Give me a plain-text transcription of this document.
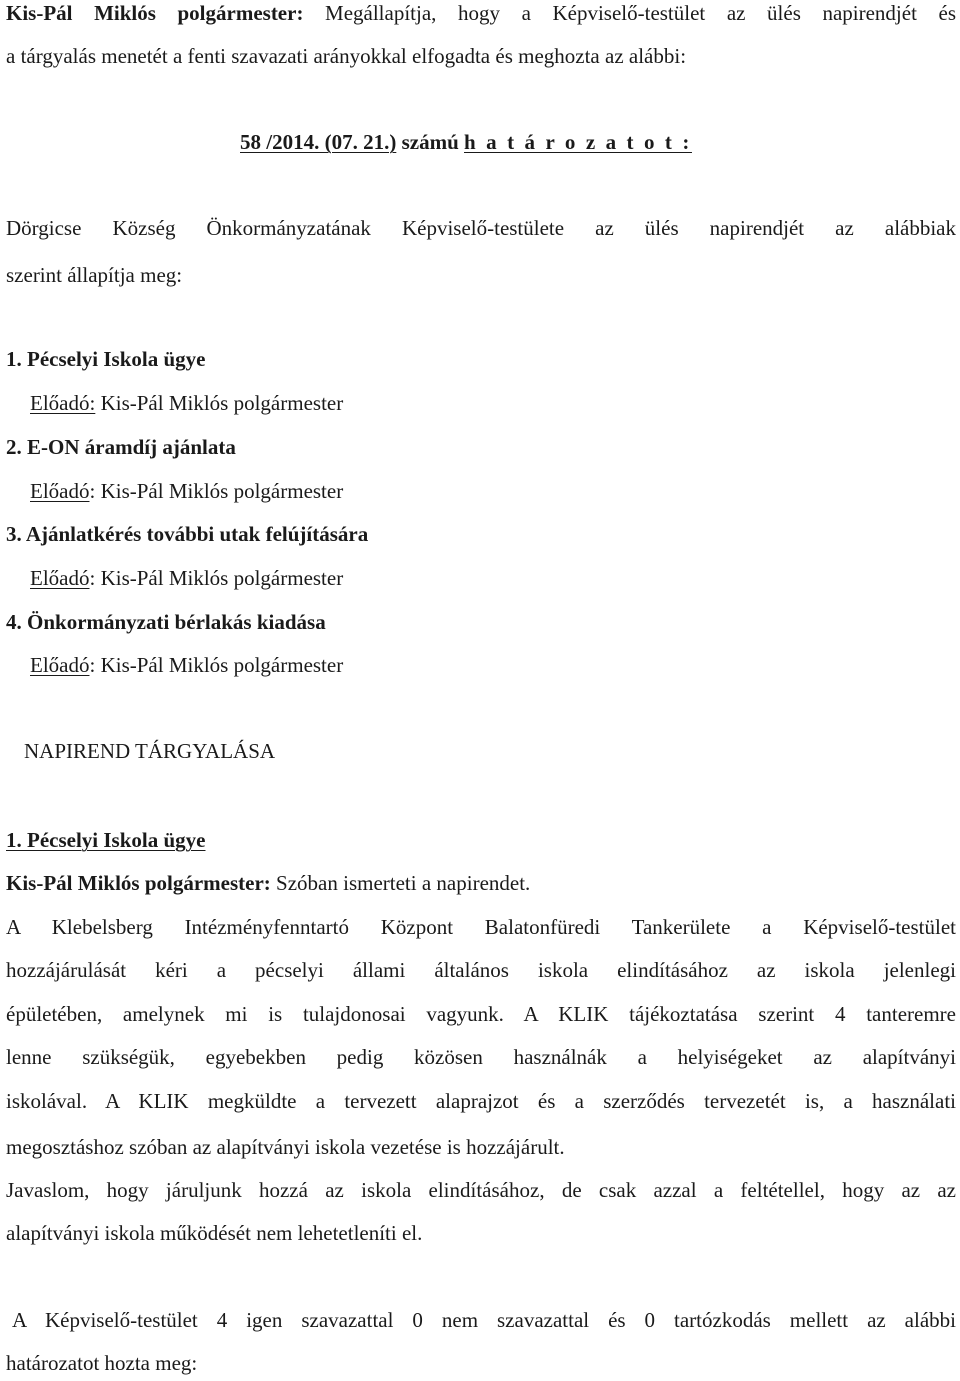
Kis-Pál Miklós polgármester: Megállapítja, hogy a Képviselő-testület az ülés napirendjét és
a tárgyalás menetét a fenti szavazati arányokkal elfogadta és meghozta az alábbi:
58 /2014. (07. 21.) számú h a t á r o z a t o t :
Dörgicse Község Önkormányzatának Képviselő-testülete az ülés napirendjét az alábbiak
szerint állapítja meg:
1. Pécselyi Iskola ügye
Előadó: Kis-Pál Miklós polgármester
2. E-ON áramdíj ajánlata
Előadó: Kis-Pál Miklós polgármester
3. Ajánlatkérés további utak felújítására
Előadó: Kis-Pál Miklós polgármester
4. Önkormányzati bérlakás kiadása
Előadó: Kis-Pál Miklós polgármester
NAPIREND TÁRGYALÁSA
1. Pécselyi Iskola ügye
Kis-Pál Miklós polgármester: Szóban ismerteti a napirendet.
A Klebelsberg Intézményfenntartó Központ Balatonfüredi Tankerülete a Képviselő-testület
hozzájárulását kéri a pécselyi állami általános iskola elindításához az iskola jelenlegi
épületében, amelynek mi is tulajdonosai vagyunk. A KLIK tájékoztatása szerint 4 tanteremre
lenne szükségük, egyebekben pedig közösen használnák a helyiségeket az alapítványi
iskolával. A KLIK megküldte a tervezett alaprajzot és a szerződés tervezetét is, a használati
megosztáshoz szóban az alapítványi iskola vezetése is hozzájárult.
Javaslom, hogy járuljunk hozzá az iskola elindításához, de csak azzal a feltétellel, hogy az az
alapítványi iskola működését nem lehetetleníti el.
A Képviselő-testület 4 igen szavazattal 0 nem szavazattal és 0 tartózkodás mellett az alábbi
határozatot hozta meg:
